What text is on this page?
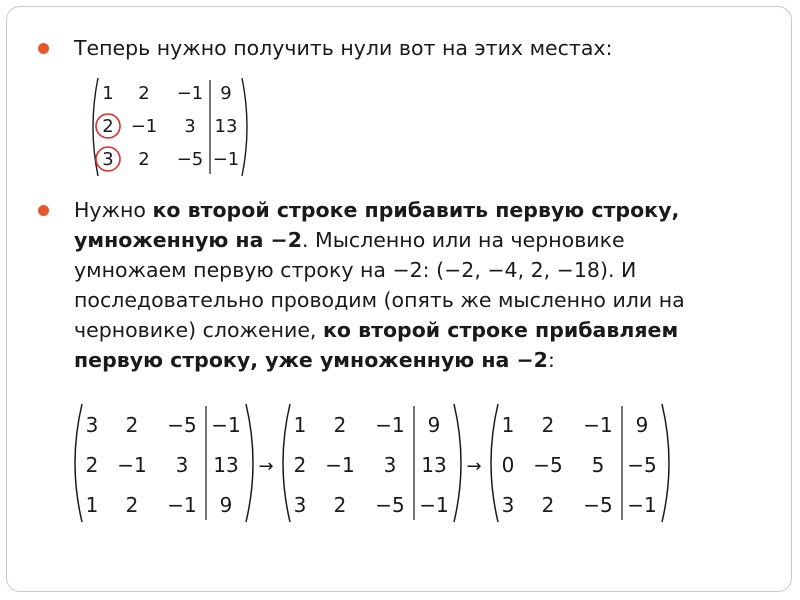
Теперь нужно получить нули вот на этих местах:
1 2 −1 9
2 −1 3 13
3 2 −5 −1
Нужно ко второй строке прибавить первую строку,
умноженную на −2. Мысленно или на черновике
умножаем первую строку на −2: (−2, −4, 2, −18). И
последовательно проводим (опять же мысленно или на
черновике) сложение, ко второй строке прибавляем
первую строку, уже умноженную на −2:
3 2 −5 −1
2 −1 3 13
1 2 −1 9
→
1 2 −1 9
2 −1 3 13
3 2 −5 −1
→
1 2 −1 9
0 −5 5 −5
3 2 −5 −1
